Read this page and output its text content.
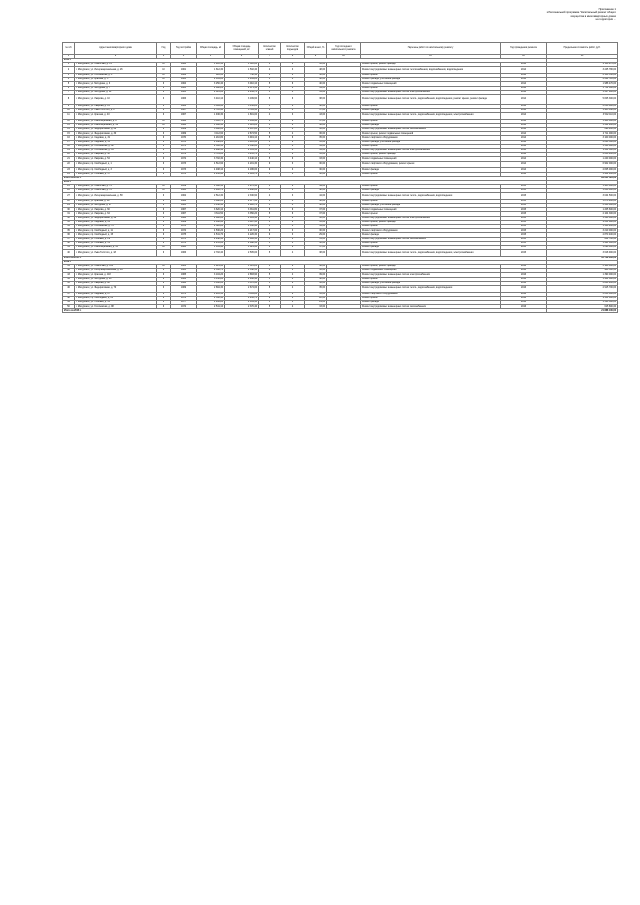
Приложение 1
к Региональной программе "Капитальный ремонт общего
имущества в многоквартирных домах
на территории ...
№ п/п	Адрес многоквартирного дома	Год	Год постройки	Общая площадь, м²	Общая площадь помещений, м²	Количество этажей	Количество подъездов	Общий износ, %	Год последнего капитального ремонта	Перечень работ по капитальному ремонту	Год проведения ремонта	Предельная стоимость работ, руб.
1	2	3	4	5	6	7	8	9	10	11	12	13
2014 г.												
1	г. Мичуринск, ул. Советская, д. 15	I-II	1960	1 410,50	1 310,00	3	2	45,00		Ремонт крыши, ремонт фасада	2014	4 118 270,00
2	г. Мичуринск, ул. Интернациональная, д. 26	I-II	1961	1 612,30	1 502,40	4	3	48,00		Ремонт внутридомовых инженерных систем теплоснабжения, водоснабжения, водоотведения	2014	3 245 780,00
3	г. Мичуринск, ул. Гоголевская, д. 1	I-II	1962	816,00	758,30	2	2	50,00		Ремонт крыши	2014	2 130 550,00
4	г. Мичуринск, ул. Красная, д. 5	I-II	1963	2 104,80	1 954,20	5	4	42,00		Ремонт фасада, утепление фасада	2014	2 624 720,00
5	г. Мичуринск, ул. Мичурина, д. 3	II	1964	3 250,40	3 010,10	5	6	40,00		Ремонт подвальных помещений	2014	1 988 470,00
6	г. Мичуринск, ул. Мичурина, д. 7	II	1965	2 890,20	2 671,50	5	4	39,00		Ремонт крыши	2014	1 752 000,00
7	г. Мичуринск, ул. Мичурина, д. 12	II	1965	2 615,00	2 444,70	5	4	41,00		Ремонт внутридомовых инженерных систем электроснабжения	2014	1 347 900,00
8	г. Мичуринск, ул. Лаврова, д. 10	II	1966	3 410,10	3 199,60	5	6	38,00		Ремонт внутридомовых инженерных систем тепло-, водоснабжения, водоотведения, ремонт крыши, ремонт фасада	2014	5 845 300,00
9	г. Мичуринск, ул. Лаврова, д. 14	II	1966	3 384,60	3 156,20	5	6	38,00		Ремонт крыши	2014	2 016 800,00
10	г. Мичуринск, ул. Льва Толстого, д. 2	II	1967	2 710,90	2 511,40	5	4	37,00		Ремонт фасада	2014	1 905 640,00
11	г. Мичуринск, ул. Красная, д. 40	II	1967	1 946,30	1 801,00	4	3	43,00		Ремонт внутридомовых инженерных систем тепло-, водоснабжения, водоотведения, электроснабжения	2014	3 502 110,00
12	г. Мичуринск, ул. Революционная, д. 8	I-II	1968	1 118,70	1 034,90	3	2	47,00		Ремонт крыши	2014	1 480 000,00
13	г. Мичуринск, ул. Революционная, д. 19	I-II	1968	1 096,40	1 013,20	3	2	46,00		Ремонт фасада	2014	1 364 200,00
14	г. Мичуринск, ул. Федеративная, д. 22	II	1969	3 080,00	2 847,80	5	4	36,00		Ремонт внутридомовых инженерных систем газоснабжения	2014	698 400,00
15	г. Мичуринск, ул. Федеративная, д. 30	II	1969	3 112,60	2 874,50	5	4	36,00		Ремонт крыши, ремонт подвальных помещений	2014	2 711 000,00
16	г. Мичуринск, ул. Садовая, д. 31	II	1970	4 210,80	3 919,10	5	6	35,00		Ремонт лифтового оборудования	2014	3 100 000,00
17	г. Мичуринск, ул. Садовая, д. 35	II	1970	4 198,20	3 905,60	5	6	35,00		Ремонт фасада, утепление фасада	2014	4 220 500,00
18	г. Мичуринск, ул. Гоголевская, д. 42	II	1971	2 506,50	2 340,00	5	4	34,00		Ремонт крыши	2014	1 560 800,00
19	г. Мичуринск, ул. Гоголевская, д. 44	II	1971	2 498,40	2 331,10	5	4	34,00		Ремонт внутридомовых инженерных систем электроснабжения	2014	1 211 300,00
20	г. Мичуринск, ул. Лаврова, д. 52	II	1972	3 714,00	3 455,70	5	6	33,00		Ремонт крыши, ремонт фасада	2014	4 008 200,00
21	г. Мичуринск, ул. Лаврова, д. 54	II	1972	3 702,30	3 440,10	5	6	33,00		Ремонт подвальных помещений	2014	1 240 000,00
22	г. Мичуринск, пр. Свободный, д. 1	II	1973	4 512,60	4 201,30	9	3	30,00		Ремонт лифтового оборудования, ремонт крыши	2014	6 902 000,00
23	г. Мичуринск, пр. Свободный, д. 3	II	1973	4 498,10	4 186,00	9	3	30,00		Ремонт фасада	2014	2 845 000,00
24	г. Мичуринск, ул. Полевая, д. 17	II	1974	2 236,90	2 081,70	5	3	32,00		Ремонт крыши	2014	1 402 400,00
Итого за 2014 г.												94 221 520,00
2015 г.												
25	г. Мичуринск, ул. Советская, д. 70	I-II	1959	1 380,10	1 276,40	3	2	49,00		Ремонт крыши	2015	1 905 000,00
26	г. Мичуринск, ул. Советская, д. 78	I-II	1960	1 402,70	1 298,00	3	2	48,00		Ремонт фасада	2015	1 630 000,00
27	г. Мичуринск, ул. Интернациональная, д. 58	II	1962	2 512,30	2 330,60	4	3	44,00		Ремонт внутридомовых инженерных систем тепло-, водоснабжения, водоотведения	2015	3 044 500,00
28	г. Мичуринск, ул. Красная, д. 92	II	1964	3 098,00	2 877,30	5	4	40,00		Ремонт крыши	2015	1 876 200,00
29	г. Мичуринск, ул. Мичурина, д. 27	II	1965	3 140,40	2 918,70	5	4	40,00		Ремонт фасада, утепление фасада	2015	3 410 000,00
30	г. Мичуринск, ул. Лаврова, д. 60	II	1967	3 620,10	3 361,80	5	6	37,00		Ремонт подвальных помещений	2015	1 205 600,00
31	г. Мичуринск, ул. Лаврова, д. 64	II	1967	3 611,50	3 350,20	5	6	37,00		Ремонт крыши	2015	2 104 300,00
32	г. Мичуринск, ул. Федеративная, д. 48	II	1968	2 880,00	2 661,40	5	4	36,00		Ремонт внутридомовых инженерных систем электроснабжения	2015	1 320 000,00
33	г. Мичуринск, ул. Садовая, д. 61	II	1969	4 190,60	3 897,40	5	6	35,00		Ремонт крыши, ремонт фасада	2015	4 611 800,00
34	г. Мичуринск, ул. Гоголевская, д. 76	II	1970	2 520,80	2 352,90	5	4	34,00		Ремонт крыши	2015	1 580 200,00
35	г. Мичуринск, пр. Свободный, д. 11	II	1974	4 530,20	4 217,00	9	3	30,00		Ремонт лифтового оборудования	2015	3 210 000,00
36	г. Мичуринск, пр. Свободный, д. 15	II	1975	4 541,70	4 226,30	9	3	29,00		Ремонт фасада	2015	2 870 400,00
37	г. Мичуринск, ул. Полевая, д. 29	II	1975	2 248,30	2 093,10	5	3	31,00		Ремонт внутридомовых инженерных систем газоснабжения	2015	602 700,00
38	г. Мичуринск, ул. Полевая, д. 31	II	1976	2 255,00	2 098,50	5	3	30,00		Ремонт крыши	2015	1 421 000,00
39	г. Мичуринск, ул. Революционная, д. 41	I-II	1960	1 104,90	1 021,60	3	2	47,00		Ремонт фасада	2015	1 298 000,00
40	г. Мичуринск, ул. Льва Толстого, д. 18	II	1966	2 702,40	2 505,00	5	4	38,00		Ремонт внутридомовых инженерных систем тепло-, водоснабжения, водоотведения, электроснабжения	2015	3 618 900,00
Итого за 2015 г.												35 708 600,00
2016 г.												
41	г. Мичуринск, ул. Советская, д. 101	I-II	1961	1 421,60	1 315,20	3	2	46,00		Ремонт крыши, ремонт фасада	2016	3 180 000,00
42	г. Мичуринск, ул. Интернациональная, д. 84	II	1963	2 530,70	2 348,10	4	3	43,00		Ремонт подвальных помещений	2016	980 500,00
43	г. Мичуринск, ул. Красная, д. 118	II	1965	3 104,20	2 883,90	5	4	39,00		Ремонт внутридомовых инженерных систем электроснабжения	2016	1 390 000,00
44	г. Мичуринск, ул. Мичурина, д. 44	II	1966	3 152,80	2 930,40	5	4	38,00		Ремонт крыши	2016	1 944 600,00
45	г. Мичуринск, ул. Лаврова, д. 80	II	1968	3 630,00	3 370,60	5	6	36,00		Ремонт фасада, утепление фасада	2016	3 880 200,00
46	г. Мичуринск, ул. Федеративная, д. 70	II	1969	2 894,30	2 674,00	5	4	35,00		Ремонт внутридомовых инженерных систем тепло-, водоснабжения, водоотведения	2016	2 915 700,00
47	г. Мичуринск, ул. Садовая, д. 87	II	1971	4 205,10	3 911,80	5	6	33,00		Ремонт лифтового оборудования	2016	3 050 000,00
48	г. Мичуринск, пр. Свободный, д. 21	II	1976	4 560,40	4 243,70	9	3	28,00		Ремонт крыши	2016	2 411 000,00
49	г. Мичуринск, ул. Полевая, д. 45	II	1977	2 266,80	2 109,40	5	3	29,00		Ремонт фасада	2016	1 520 300,00
50	г. Мичуринск, ул. Гоголевская, д. 98	II	1972	2 541,10	2 370,40	5	4	33,00		Ремонт внутридомовых инженерных систем газоснабжения	2016	615 800,00
Итого за 2016 г.												21 888 100,00
